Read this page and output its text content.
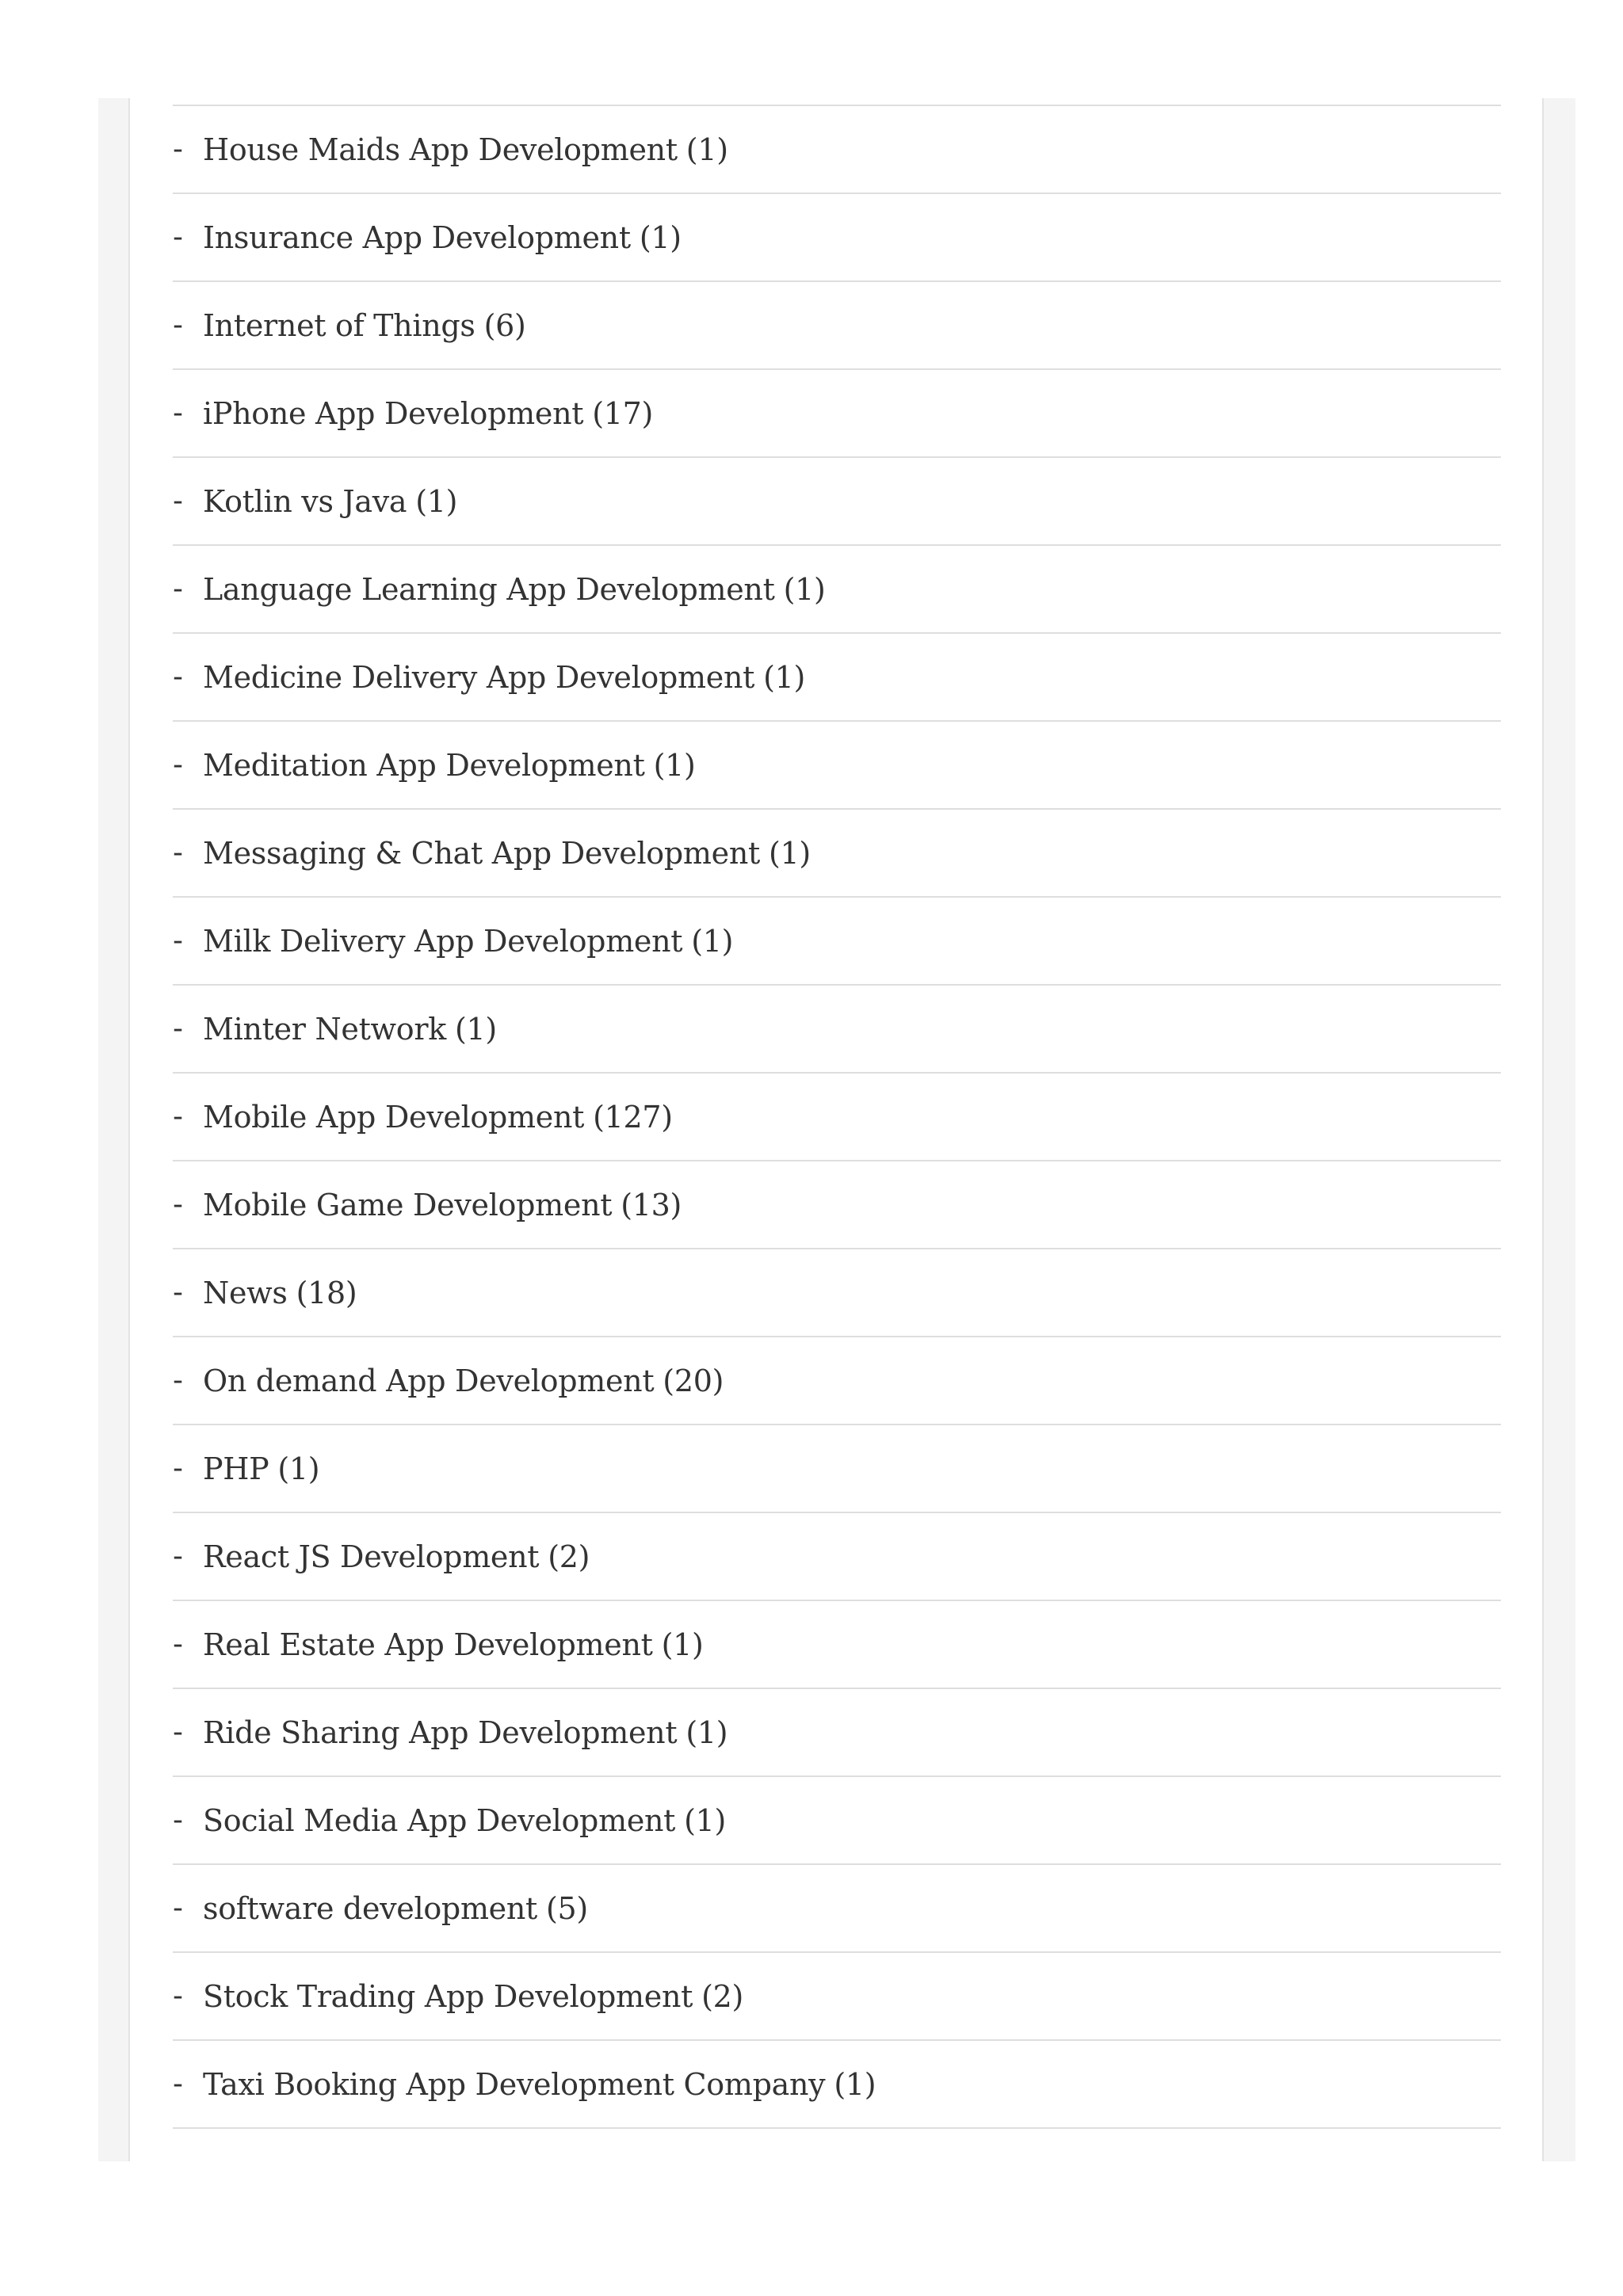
- House Maids App Development (1)
- Insurance App Development (1)
- Internet of Things (6)
- iPhone App Development (17)
- Kotlin vs Java (1)
- Language Learning App Development (1)
- Medicine Delivery App Development (1)
- Meditation App Development (1)
- Messaging & Chat App Development (1)
- Milk Delivery App Development (1)
- Minter Network (1)
- Mobile App Development (127)
- Mobile Game Development (13)
- News (18)
- On demand App Development (20)
- PHP (1)
- React JS Development (2)
- Real Estate App Development (1)
- Ride Sharing App Development (1)
- Social Media App Development (1)
- software development (5)
- Stock Trading App Development (2)
- Taxi Booking App Development Company (1)
